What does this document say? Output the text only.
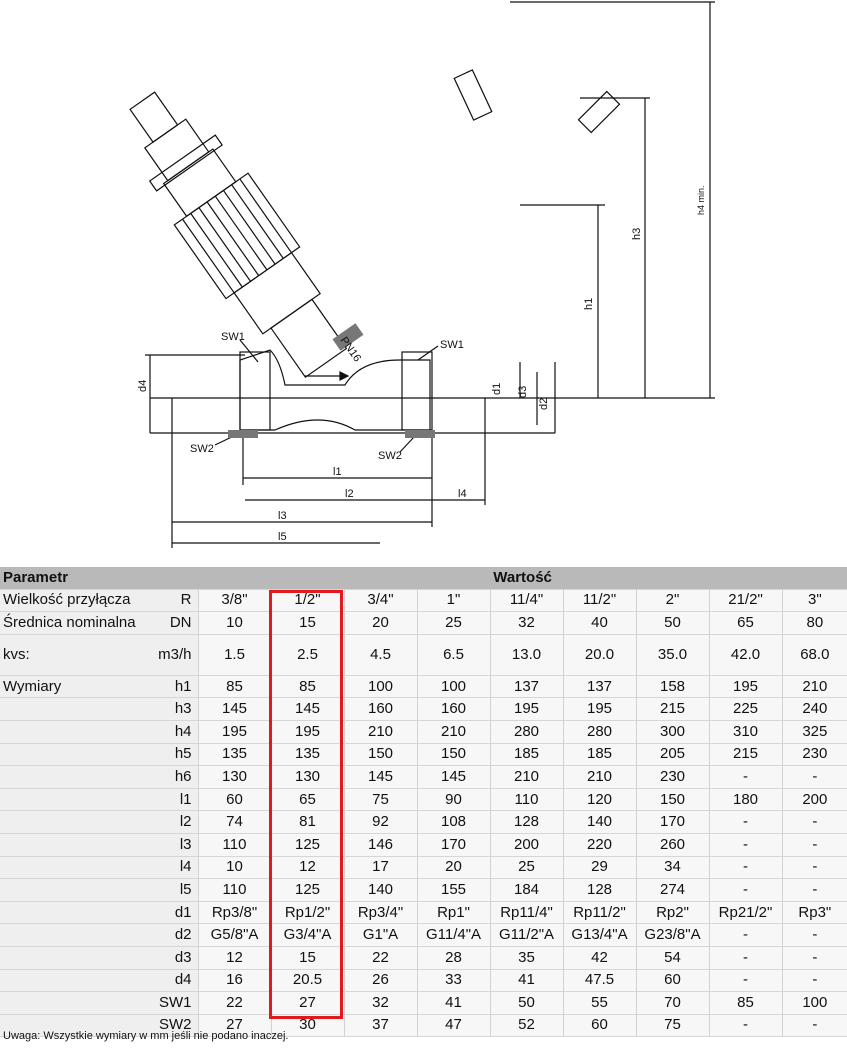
SW1
SW1
SW2
SW2
PN16
d1
d2
d3
d4
h1
h3
h4 min.
l1
l2
l3
l4
l5
Parametr		Wartość								
Wielkość przyłącza	R	3/8"	1/2"	3/4"	1"	11/4"	11/2"	2"	21/2"	3"
Średnica nominalna	DN	10	15	20	25	32	40	50	65	80
kvs:	m3/h	1.5	2.5	4.5	6.5	13.0	20.0	35.0	42.0	68.0
Wymiary	h1	85	85	100	100	137	137	158	195	210
	h3	145	145	160	160	195	195	215	225	240
	h4	195	195	210	210	280	280	300	310	325
	h5	135	135	150	150	185	185	205	215	230
	h6	130	130	145	145	210	210	230	-	-
	l1	60	65	75	90	110	120	150	180	200
	l2	74	81	92	108	128	140	170	-	-
	l3	110	125	146	170	200	220	260	-	-
	l4	10	12	17	20	25	29	34	-	-
	l5	110	125	140	155	184	128	274	-	-
	d1	Rp3/8"	Rp1/2"	Rp3/4"	Rp1"	Rp11/4"	Rp11/2"	Rp2"	Rp21/2"	Rp3"
	d2	G5/8"A	G3/4"A	G1"A	G11/4"A	G11/2"A	G13/4"A	G23/8"A	-	-
	d3	12	15	22	28	35	42	54	-	-
	d4	16	20.5	26	33	41	47.5	60	-	-
	SW1	22	27	32	41	50	55	70	85	100
	SW2	27	30	37	47	52	60	75	-	-
Uwaga: Wszystkie wymiary w mm jeśli nie podano inaczej.
